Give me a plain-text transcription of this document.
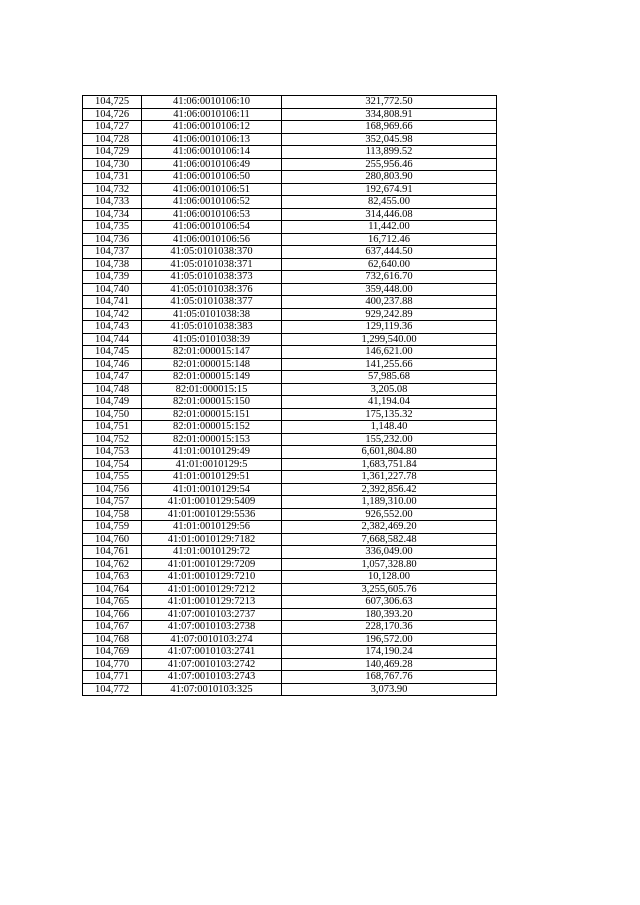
104,725	41:06:0010106:10	321,772.50
104,726	41:06:0010106:11	334,808.91
104,727	41:06:0010106:12	168,969.66
104,728	41:06:0010106:13	352,045.98
104,729	41:06:0010106:14	113,899.52
104,730	41:06:0010106:49	255,956.46
104,731	41:06:0010106:50	280,803.90
104,732	41:06:0010106:51	192,674.91
104,733	41:06:0010106:52	82,455.00
104,734	41:06:0010106:53	314,446.08
104,735	41:06:0010106:54	11,442.00
104,736	41:06:0010106:56	16,712.46
104,737	41:05:0101038:370	637,444.50
104,738	41:05:0101038:371	62,640.00
104,739	41:05:0101038:373	732,616.70
104,740	41:05:0101038:376	359,448.00
104,741	41:05:0101038:377	400,237.88
104,742	41:05:0101038:38	929,242.89
104,743	41:05:0101038:383	129,119.36
104,744	41:05:0101038:39	1,299,540.00
104,745	82:01:000015:147	146,621.00
104,746	82:01:000015:148	141,255.66
104,747	82:01:000015:149	57,985.68
104,748	82:01:000015:15	3,205.08
104,749	82:01:000015:150	41,194.04
104,750	82:01:000015:151	175,135.32
104,751	82:01:000015:152	1,148.40
104,752	82:01:000015:153	155,232.00
104,753	41:01:0010129:49	6,601,804.80
104,754	41:01:0010129:5	1,683,751.84
104,755	41:01:0010129:51	1,361,227.78
104,756	41:01:0010129:54	2,392,856.42
104,757	41:01:0010129:5409	1,189,310.00
104,758	41:01:0010129:5536	926,552.00
104,759	41:01:0010129:56	2,382,469.20
104,760	41:01:0010129:7182	7,668,582.48
104,761	41:01:0010129:72	336,049.00
104,762	41:01:0010129:7209	1,057,328.80
104,763	41:01:0010129:7210	10,128.00
104,764	41:01:0010129:7212	3,255,605.76
104,765	41:01:0010129:7213	607,306.63
104,766	41:07:0010103:2737	180,393.20
104,767	41:07:0010103:2738	228,170.36
104,768	41:07:0010103:274	196,572.00
104,769	41:07:0010103:2741	174,190.24
104,770	41:07:0010103:2742	140,469.28
104,771	41:07:0010103:2743	168,767.76
104,772	41:07:0010103:325	3,073.90
